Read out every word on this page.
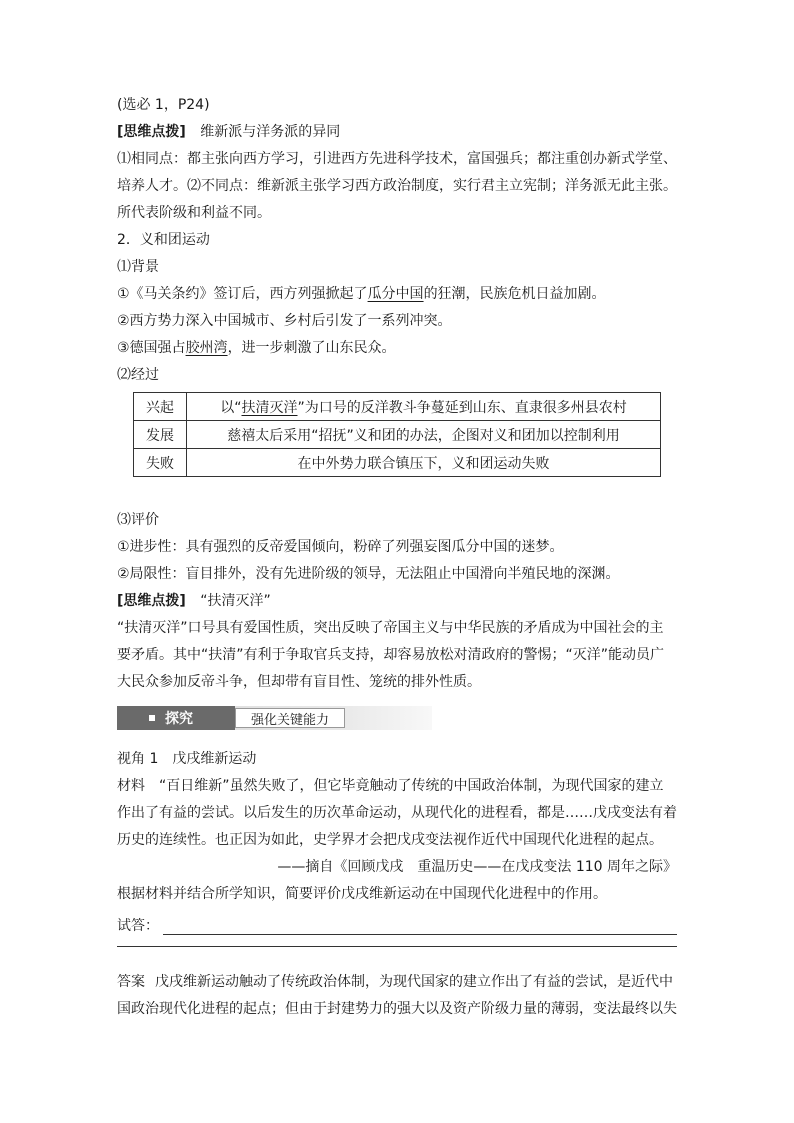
(选必 1，P24)
[思维点拨] 维新派与洋务派的异同
⑴相同点：都主张向西方学习，引进西方先进科学技术，富国强兵；都注重创办新式学堂、培养人才。⑵不同点：维新派主张学习西方政治制度，实行君主立宪制；洋务派无此主张。所代表阶级和利益不同。
2．义和团运动
⑴背景
①《马关条约》签订后，西方列强掀起了瓜分中国的狂潮，民族危机日益加剧。
②西方势力深入中国城市、乡村后引发了一系列冲突。
③德国强占胶州湾，进一步刺激了山东民众。
⑵经过
兴起	以“扶清灭洋”为口号的反洋教斗争蔓延到山东、直隶很多州县农村
发展	慈禧太后采用“招抚”义和团的办法，企图对义和团加以控制利用
失败	在中外势力联合镇压下，义和团运动失败
⑶评价
①进步性：具有强烈的反帝爱国倾向，粉碎了列强妄图瓜分中国的迷梦。
②局限性：盲目排外，没有先进阶级的领导，无法阻止中国滑向半殖民地的深渊。
[思维点拨] “扶清灭洋”
“扶清灭洋”口号具有爱国性质，突出反映了帝国主义与中华民族的矛盾成为中国社会的主要矛盾。其中“扶清”有利于争取官兵支持，却容易放松对清政府的警惕；“灭洋”能动员广大民众参加反帝斗争，但却带有盲目性、笼统的排外性质。
探究	强化关键能力
视角 1　戊戌维新运动
材料 “百日维新”虽然失败了，但它毕竟触动了传统的中国政治体制，为现代国家的建立作出了有益的尝试。以后发生的历次革命运动，从现代化的进程看，都是……戊戌变法有着历史的连续性。也正因为如此，史学界才会把戊戌变法视作近代中国现代化进程的起点。
——摘自《回顾戊戌　重温历史——在戊戌变法 110 周年之际》
根据材料并结合所学知识，简要评价戊戌维新运动在中国现代化进程中的作用。
试答：
答案 戊戌维新运动触动了传统政治体制，为现代国家的建立作出了有益的尝试，是近代中国政治现代化进程的起点；但由于封建势力的强大以及资产阶级力量的薄弱，变法最终以失
